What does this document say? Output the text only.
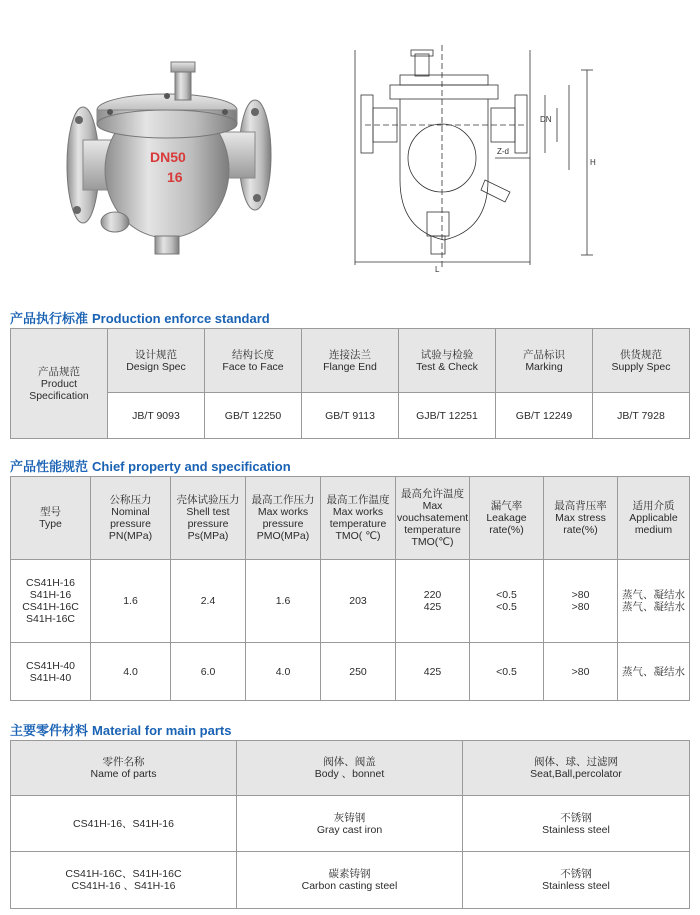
DN50
16
DN
L
H
Z-d
产品执行标准 Production enforce standard
产品规范
Product
Specification	设计规范
Design Spec	结构长度
Face to Face	连接法兰
Flange End	试验与检验
Test & Check	产品标识
Marking	供货规范
Supply Spec

	JB/T 9093	GB/T 12250	GB/T 9113	GJB/T 12251	GB/T 12249	JB/T 7928
产品性能规范 Chief property and specification
型号
Type	公称压力
Nominal
pressure
PN(MPa)	壳体试验压力
Shell test
pressure
Ps(MPa)	最高工作压力
Max works
pressure
PMO(MPa)	最高工作温度
Max works
temperature
TMO( ℃)	最高允许温度
Max
vouchsatement
temperature
TMO(℃)	漏气率
Leakage
rate(%)	最高背压率
Max stress
rate(%)	适用介质
Applicable
medium

CS41H-16
S41H-16
CS41H-16C
S41H-16C	1.6	2.4	1.6	203	220
425	<0.5
<0.5	>80
>80	蒸气、凝结水
蒸气、凝结水

CS41H-40
S41H-40	4.0	6.0	4.0	250	425	<0.5	>80	蒸气、凝结水
主要零件材料 Material for main parts
零件名称
Name of parts	阀体、阀盖
Body 、bonnet	阀体、球、过滤网
Seat,Ball,percolator

CS41H-16、S41H-16	灰铸钢
Gray cast iron	不锈钢
Stainless steel

CS41H-16C、S41H-16C
CS41H-16 、S41H-16	碳素铸钢
Carbon casting steel	不锈钢
Stainless steel
